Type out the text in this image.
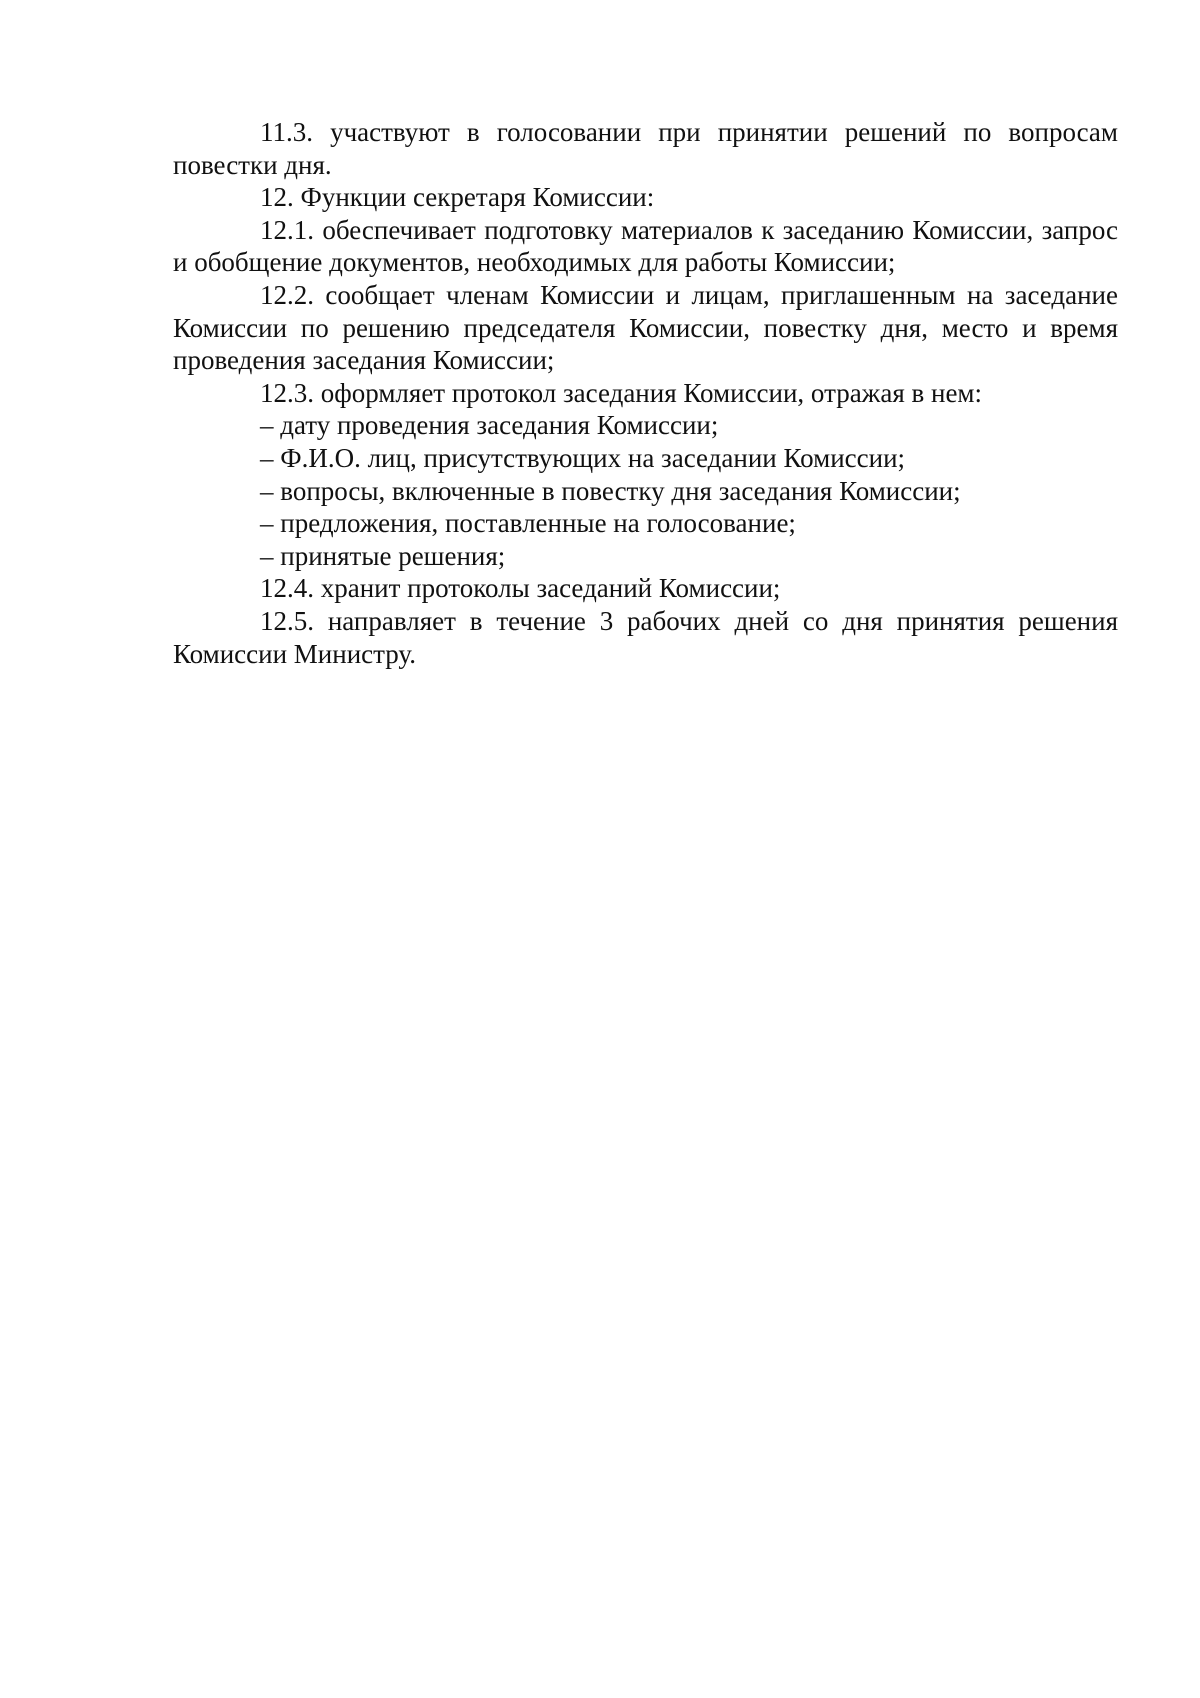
11.3. участвуют в голосовании при принятии решений по вопросам повестки дня.

12. Функции секретаря Комиссии:

12.1. обеспечивает подготовку материалов к заседанию Комиссии, запрос и обобщение документов, необходимых для работы Комиссии;

12.2. сообщает членам Комиссии и лицам, приглашенным на заседание Комиссии по решению председателя Комиссии, повестку дня, место и время проведения заседания Комиссии;

12.3. оформляет протокол заседания Комиссии, отражая в нем:

– дату проведения заседания Комиссии;

– Ф.И.О. лиц, присутствующих на заседании Комиссии;

– вопросы, включенные в повестку дня заседания Комиссии;

– предложения, поставленные на голосование;

– принятые решения;

12.4. хранит протоколы заседаний Комиссии;

12.5. направляет в течение 3 рабочих дней со дня принятия решения Комиссии Министру.
